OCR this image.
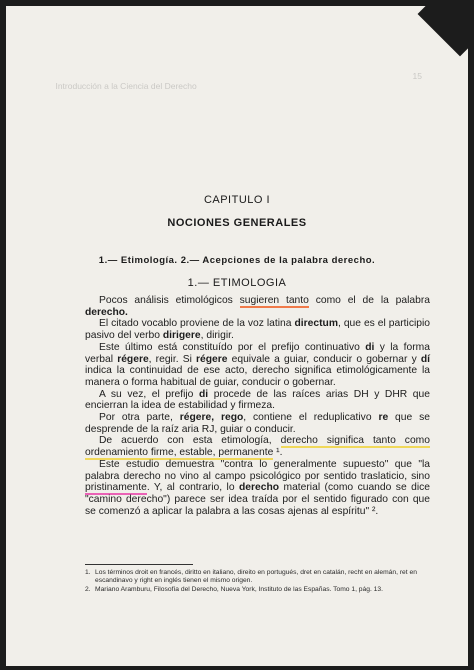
Introducción a la Ciencia del Derecho

15

CAPITULO I
NOCIONES GENERALES
1.— Etimología. 2.— Acepciones de la palabra derecho.
1.— ETIMOLOGIA

Pocos análisis etimológicos sugieren tanto como el de la palabra derecho.

El citado vocablo proviene de la voz latina directum, que es el participio pasivo del verbo dirigere, dirigir.

Este último está constituído por el prefijo continuativo di y la forma verbal régere, regir. Si régere equivale a guiar, conducir o gobernar y dí indica la continuidad de ese acto, derecho significa etimológicamente la manera o forma habitual de guiar, conducir o gobernar.

A su vez, el prefijo di procede de las raíces arias DH y DHR que encierran la idea de estabilidad y firmeza.

Por otra parte, régere, rego, contiene el reduplicativo re que se desprende de la raíz aria RJ, guiar o conducir.

De acuerdo con esta etimología, derecho significa tanto como ordenamiento firme, estable, permanente ¹.

Este estudio demuestra "contra lo generalmente supuesto" que "la palabra derecho no vino al campo psicológico por sentido traslaticio, sino pristinamente. Y, al contrario, lo derecho material (como cuando se dice "camino derecho") parece ser idea traída por el sentido figurado con que se comenzó a aplicar la palabra a las cosas ajenas al espíritu" ².

1. Los términos droit en francés, diritto en italiano, direito en portugués, dret en catalán, recht en alemán, ret en escandinavo y right en inglés tienen el mismo origen.
2. Mariano Aramburu, Filosofía del Derecho, Nueva York, Instituto de las Españas. Tomo 1, pág. 13.
